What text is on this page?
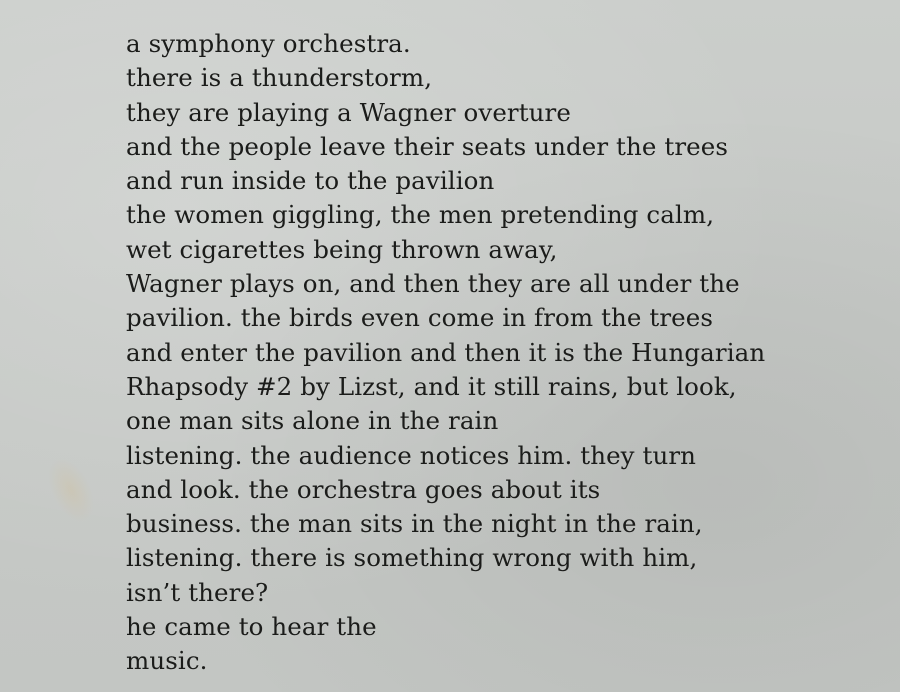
a symphony orchestra.
there is a thunderstorm,
they are playing a Wagner overture
and the people leave their seats under the trees
and run inside to the pavilion
the women giggling, the men pretending calm,
wet cigarettes being thrown away,
Wagner plays on, and then they are all under the
pavilion. the birds even come in from the trees
and enter the pavilion and then it is the Hungarian
Rhapsody #2 by Lizst, and it still rains, but look,
one man sits alone in the rain
listening. the audience notices him. they turn
and look. the orchestra goes about its
business. the man sits in the night in the rain,
listening. there is something wrong with him,
isn’t there?
he came to hear the
music.
